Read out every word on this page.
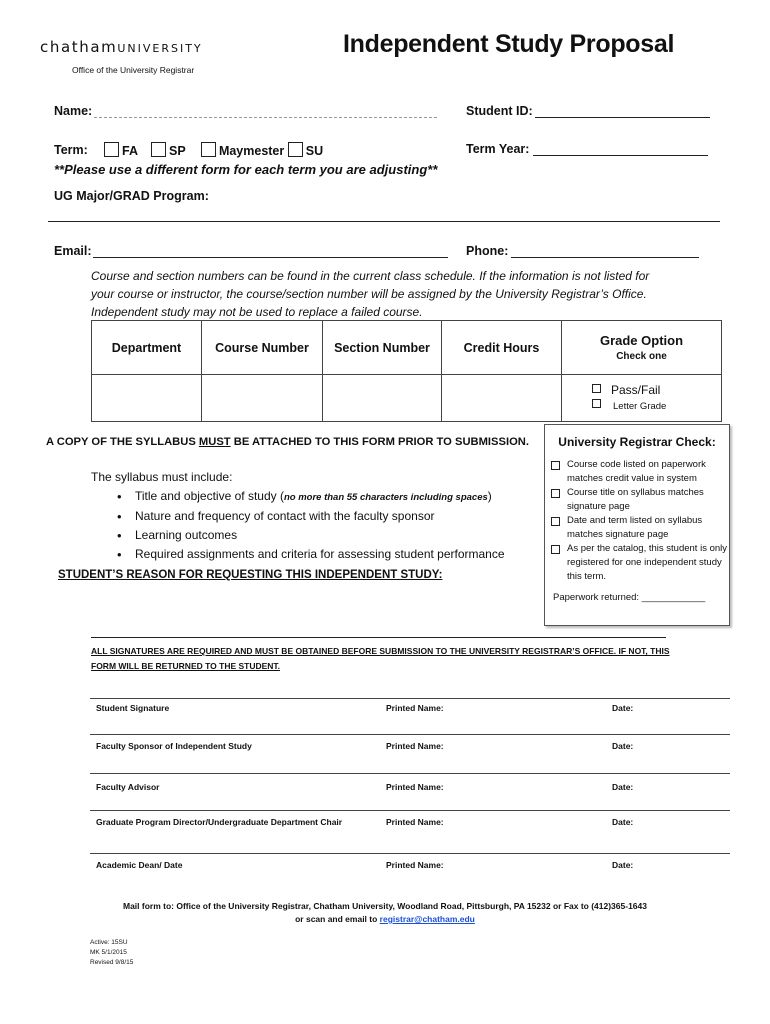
chathamUNIVERSITY
Office of the University Registrar
Independent Study Proposal
Name:	Student ID:
Term:	FA	SP	Maymester SU	Term Year:
**Please use a different form for each term you are adjusting**
UG Major/GRAD Program:
Email:	Phone:
Course and section numbers can be found in the current class schedule. If the information is not listed for
your course or instructor, the course/section number will be assigned by the University Registrar’s Office.
Independent study may not be used to replace a failed course.
Department	Course Number	Section Number	Credit Hours	Grade Option
Check one

				Pass/Fail
Letter Grade
A COPY OF THE SYLLABUS MUST BE ATTACHED TO THIS FORM PRIOR TO SUBMISSION.
The syllabus must include:
• Title and objective of study (no more than 55 characters including spaces)
• Nature and frequency of contact with the faculty sponsor
• Learning outcomes
• Required assignments and criteria for assessing student performance
STUDENT’S REASON FOR REQUESTING THIS INDEPENDENT STUDY:
University Registrar Check:
Course code listed on paperwork matches credit value in system
Course title on syllabus matches signature page
Date and term listed on syllabus matches signature page
As per the catalog, this student is only registered for one independent study this term.
Paperwork returned: ____________
ALL SIGNATURES ARE REQUIRED AND MUST BE OBTAINED BEFORE SUBMISSION TO THE UNIVERSITY REGISTRAR’S OFFICE. IF NOT, THIS FORM WILL BE RETURNED TO THE STUDENT.
Student Signature	Printed Name:	Date:
Faculty Sponsor of Independent Study	Printed Name:	Date:
Faculty Advisor	Printed Name:	Date:
Graduate Program Director/Undergraduate Department Chair	Printed Name:	Date:
Academic Dean/ Date	Printed Name:	Date:
Mail form to: Office of the University Registrar, Chatham University, Woodland Road, Pittsburgh, PA 15232 or Fax to (412)365-1643
or scan and email to registrar@chatham.edu
Active: 15SU
MK 5/1/2015
Revised 9/8/15
